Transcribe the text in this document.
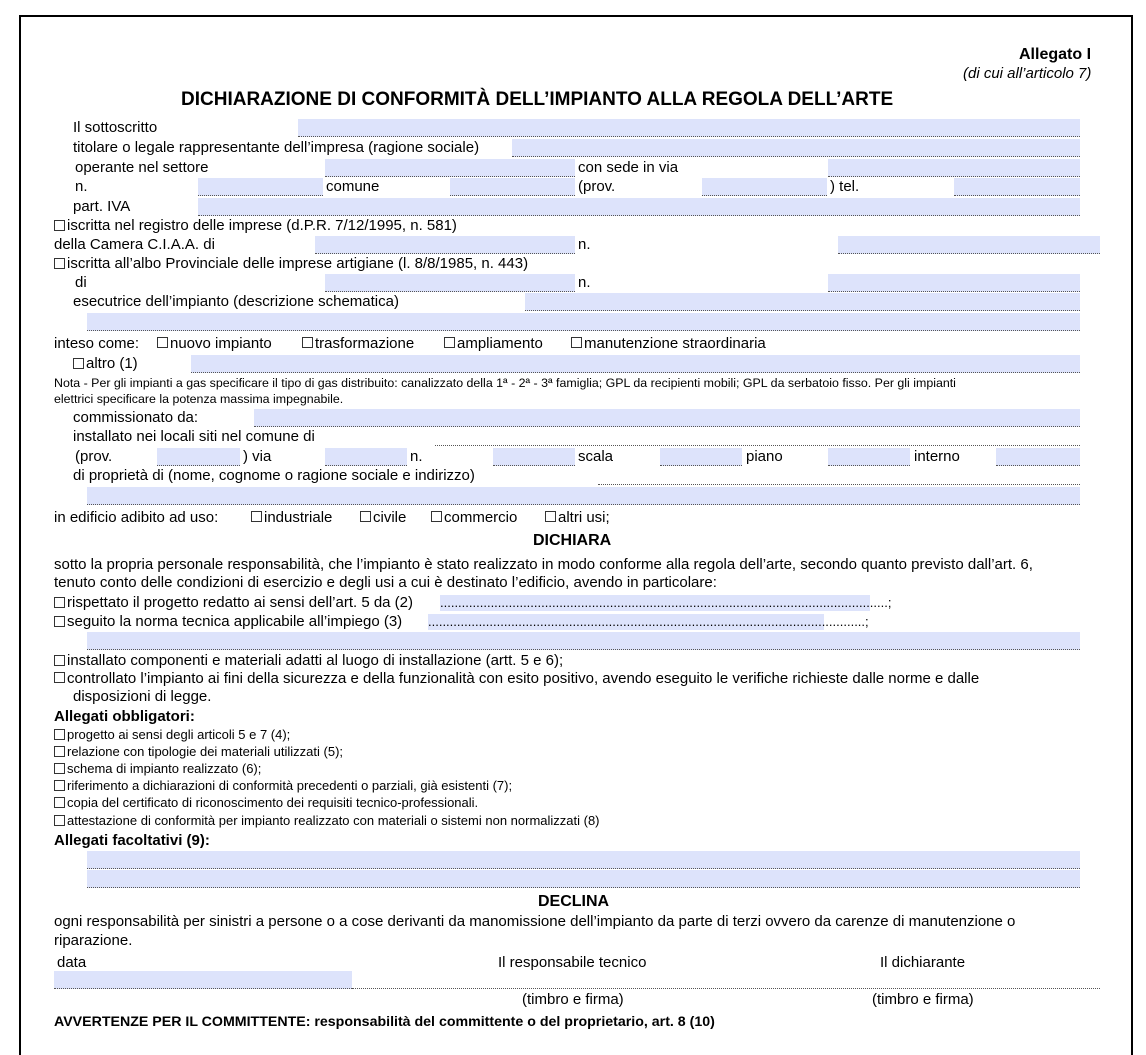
Allegato I
(di cui all’articolo 7)
DICHIARAZIONE DI CONFORMITÀ DELL’IMPIANTO ALLA REGOLA DELL’ARTE
Il sottoscritto
titolare o legale rappresentante dell’impresa (ragione sociale)
operante nel settore	con sede in via
n.	comune	(prov.	) tel.
part. IVA
iscritta nel registro delle imprese (d.P.R. 7/12/1995, n. 581)
della Camera C.I.A.A. di	n.
iscritta all’albo Provinciale delle imprese artigiane (l. 8/8/1985, n. 443)
di	n.
esecutrice dell’impianto (descrizione schematica)
inteso come: nuovo impianto	trasformazione	ampliamento	manutenzione straordinaria
altro (1)
Nota - Per gli impianti a gas specificare il tipo di gas distribuito: canalizzato della 1ª - 2ª - 3ª famiglia; GPL da recipienti mobili; GPL da serbatoio fisso. Per gli impianti
elettrici specificare la potenza massima impegnabile.
commissionato da:
installato nei locali siti nel comune di
(prov.	) via	n.	scala	piano	interno
di proprietà di (nome, cognome o ragione sociale e indirizzo)
in edificio adibito ad uso:	industriale	civile	commercio	altri usi;
DICHIARA
sotto la propria personale responsabilità, che l’impianto è stato realizzato in modo conforme alla regola dell’arte, secondo quanto previsto dall’art. 6,
tenuto conto delle condizioni di esercizio e degli usi a cui è destinato l’edificio, avendo in particolare:
rispettato il progetto redatto ai sensi dell’art. 5 da (2) ............................................................................................................................;
seguito la norma tecnica applicabile all’impiego (3) .........................................................................................................................;
installato componenti e materiali adatti al luogo di installazione (artt. 5 e 6);
controllato l’impianto ai fini della sicurezza e della funzionalità con esito positivo, avendo eseguito le verifiche richieste dalle norme e dalle
disposizioni di legge.
Allegati obbligatori:
progetto ai sensi degli articoli 5 e 7 (4);
relazione con tipologie dei materiali utilizzati (5);
schema di impianto realizzato (6);
riferimento a dichiarazioni di conformità precedenti o parziali, già esistenti (7);
copia del certificato di riconoscimento dei requisiti tecnico-professionali.
attestazione di conformità per impianto realizzato con materiali o sistemi non normalizzati (8)
Allegati facoltativi (9):
DECLINA
ogni responsabilità per sinistri a persone o a cose derivanti da manomissione dell’impianto da parte di terzi ovvero da carenze di manutenzione o
riparazione.
data	Il responsabile tecnico	Il dichiarante
(timbro e firma)	(timbro e firma)
AVVERTENZE PER IL COMMITTENTE: responsabilità del committente o del proprietario, art. 8 (10)
